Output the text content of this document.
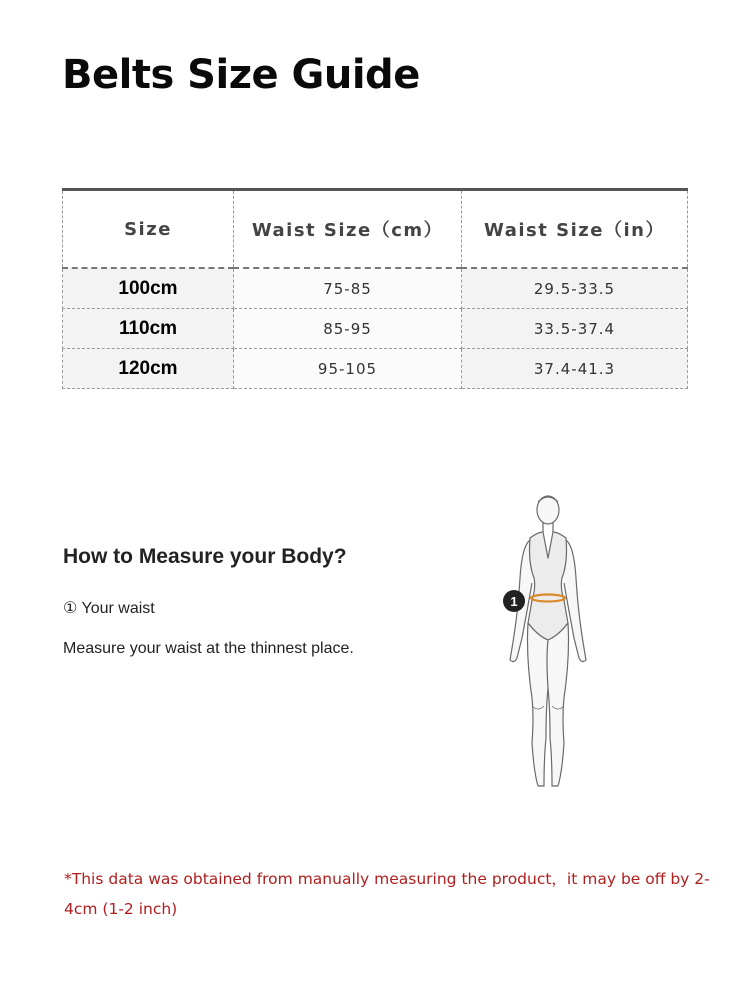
Belts Size Guide
Size	Waist Size（cm）	Waist Size（in）
100cm	75-85	29.5-33.5
110cm	85-95	33.5-37.4
120cm	95-105	37.4-41.3
How to Measure your Body?
① Your waist
Measure your waist at the thinnest place.
1

*This data was obtained from manually measuring the product，it may be off by 2-4cm (1-2 inch)
